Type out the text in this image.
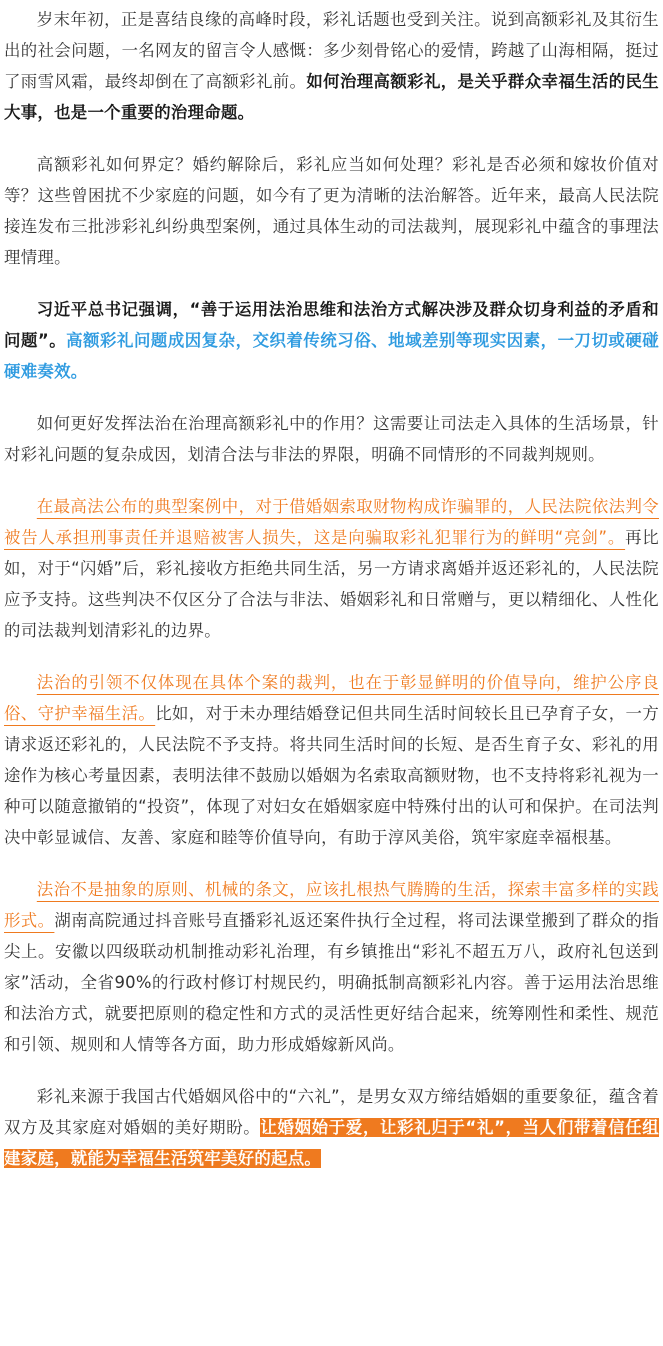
岁末年初，正是喜结良缘的高峰时段，彩礼话题也受到关注。说到高额彩礼及其衍生出的社会问题，一名网友的留言令人感慨：多少刻骨铭心的爱情，跨越了山海相隔，挺过了雨雪风霜，最终却倒在了高额彩礼前。如何治理高额彩礼，是关乎群众幸福生活的民生大事，也是一个重要的治理命题。

高额彩礼如何界定？婚约解除后，彩礼应当如何处理？彩礼是否必须和嫁妆价值对等？这些曾困扰不少家庭的问题，如今有了更为清晰的法治解答。近年来，最高人民法院接连发布三批涉彩礼纠纷典型案例，通过具体生动的司法裁判，展现彩礼中蕴含的事理法理情理。

习近平总书记强调，“善于运用法治思维和法治方式解决涉及群众切身利益的矛盾和问题”。高额彩礼问题成因复杂，交织着传统习俗、地域差别等现实因素，一刀切或硬碰硬难奏效。

如何更好发挥法治在治理高额彩礼中的作用？这需要让司法走入具体的生活场景，针对彩礼问题的复杂成因，划清合法与非法的界限，明确不同情形的不同裁判规则。

在最高法公布的典型案例中，对于借婚姻索取财物构成诈骗罪的，人民法院依法判令被告人承担刑事责任并退赔被害人损失，这是向骗取彩礼犯罪行为的鲜明“亮剑”。再比如，对于“闪婚”后，彩礼接收方拒绝共同生活，另一方请求离婚并返还彩礼的，人民法院应予支持。这些判决不仅区分了合法与非法、婚姻彩礼和日常赠与，更以精细化、人性化的司法裁判划清彩礼的边界。

法治的引领不仅体现在具体个案的裁判，也在于彰显鲜明的价值导向，维护公序良俗、守护幸福生活。比如，对于未办理结婚登记但共同生活时间较长且已孕育子女，一方请求返还彩礼的，人民法院不予支持。将共同生活时间的长短、是否生育子女、彩礼的用途作为核心考量因素，表明法律不鼓励以婚姻为名索取高额财物，也不支持将彩礼视为一种可以随意撤销的“投资”，体现了对妇女在婚姻家庭中特殊付出的认可和保护。在司法判决中彰显诚信、友善、家庭和睦等价值导向，有助于淳风美俗，筑牢家庭幸福根基。

法治不是抽象的原则、机械的条文，应该扎根热气腾腾的生活，探索丰富多样的实践形式。湖南高院通过抖音账号直播彩礼返还案件执行全过程，将司法课堂搬到了群众的指尖上。安徽以四级联动机制推动彩礼治理，有乡镇推出“彩礼不超五万八，政府礼包送到家”活动，全省90%的行政村修订村规民约，明确抵制高额彩礼内容。善于运用法治思维和法治方式，就要把原则的稳定性和方式的灵活性更好结合起来，统筹刚性和柔性、规范和引领、规则和人情等各方面，助力形成婚嫁新风尚。

彩礼来源于我国古代婚姻风俗中的“六礼”，是男女双方缔结婚姻的重要象征，蕴含着双方及其家庭对婚姻的美好期盼。让婚姻始于爱，让彩礼归于“礼”，当人们带着信任组建家庭，就能为幸福生活筑牢美好的起点。
